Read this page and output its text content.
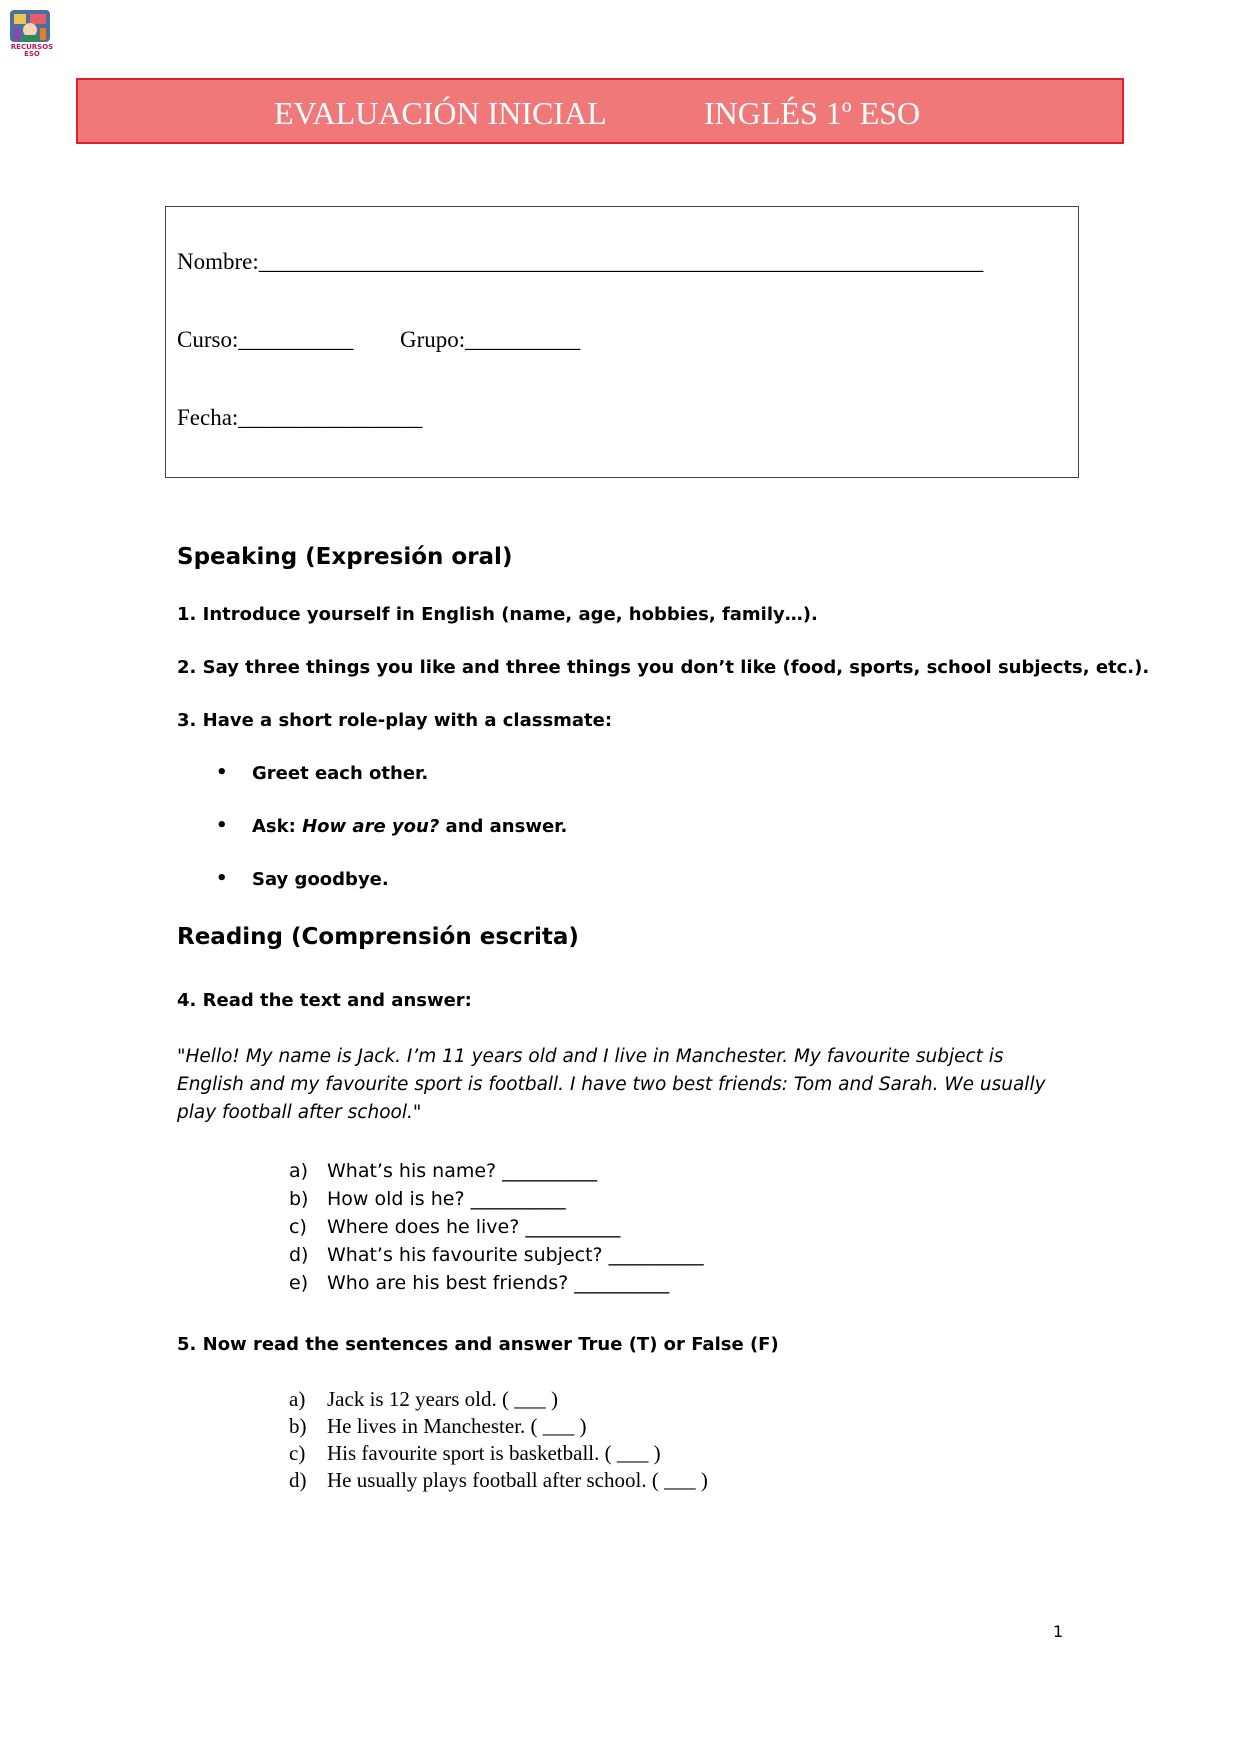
RECURSOS ESO
EVALUACIÓN INICIAL	INGLÉS 1º ESO
Nombre:_______________________________________________________________
Curso:__________ Grupo:__________
Fecha:________________
Speaking (Expresión oral)
1. Introduce yourself in English (name, age, hobbies, family…).
2. Say three things you like and three things you don’t like (food, sports, school subjects, etc.).
3. Have a short role-play with a classmate:
• Greet each other.
• Ask: How are you? and answer.
• Say goodbye.
Reading (Comprensión escrita)
4. Read the text and answer:
"Hello! My name is Jack. I’m 11 years old and I live in Manchester. My favourite subject is
English and my favourite sport is football. I have two best friends: Tom and Sarah. We usually
play football after school."
a) What’s his name? __________
b) How old is he? __________
c) Where does he live? __________
d) What’s his favourite subject? __________
e) Who are his best friends? __________
5. Now read the sentences and answer True (T) or False (F)
a) Jack is 12 years old. ( ___ )
b) He lives in Manchester. ( ___ )
c) His favourite sport is basketball. ( ___ )
d) He usually plays football after school. ( ___ )
1
